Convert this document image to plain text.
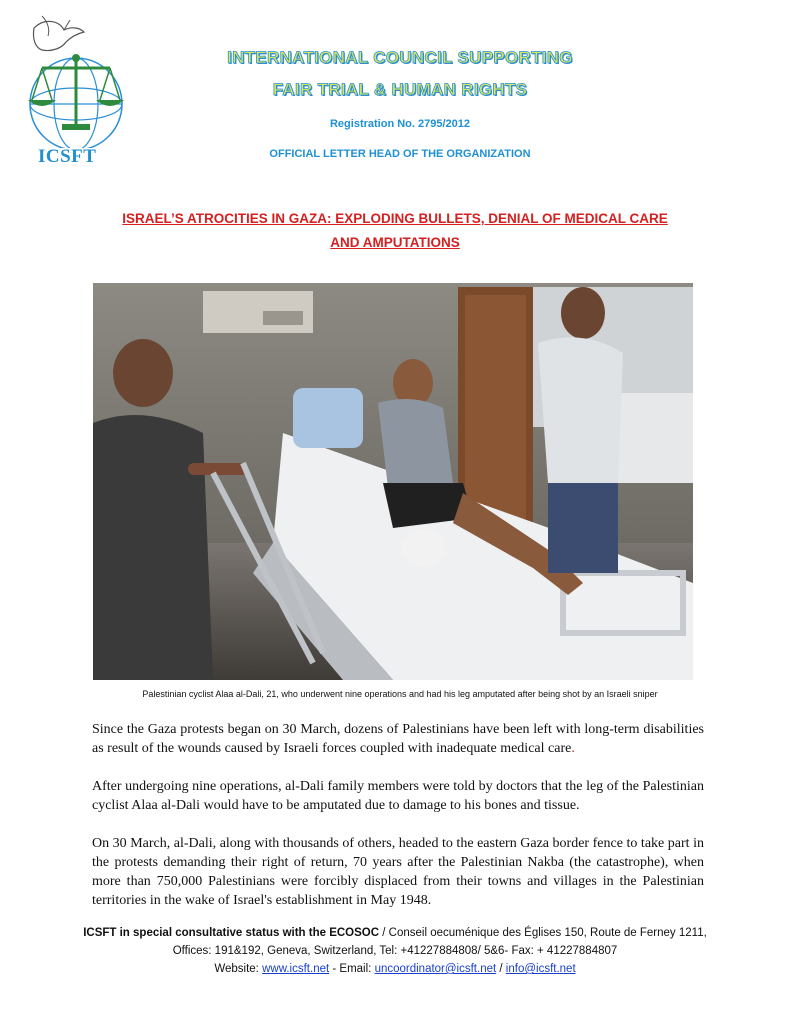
ICSFT
INTERNATIONAL COUNCIL SUPPORTING
FAIR TRIAL & HUMAN RIGHTS
Registration No. 2795/2012
OFFICIAL LETTER HEAD OF THE ORGANIZATION
ISRAEL’S ATROCITIES IN GAZA: EXPLODING BULLETS, DENIAL OF MEDICAL CARE
AND AMPUTATIONS
Palestinian cyclist Alaa al-Dali, 21, who underwent nine operations and had his leg amputated after being shot by an Israeli sniper

Since the Gaza protests began on 30 March, dozens of Palestinians have been left with long-term disabilities as result of the wounds caused by Israeli forces coupled with inadequate medical care.

After undergoing nine operations, al-Dali family members were told by doctors that the leg of the Palestinian cyclist Alaa al-Dali would have to be amputated due to damage to his bones and tissue.

On 30 March, al-Dali, along with thousands of others, headed to the eastern Gaza border fence to take part in the protests demanding their right of return, 70 years after the Palestinian Nakba (the catastrophe), when more than 750,000 Palestinians were forcibly displaced from their towns and villages in the Palestinian territories in the wake of Israel's establishment in May 1948.

ICSFT in special consultative status with the ECOSOC / Conseil oecuménique des Églises 150, Route de Ferney 1211, Offices: 191&192, Geneva, Switzerland, Tel: +41227884808/ 5&6- Fax: + 41227884807
Website: www.icsft.net - Email: uncoordinator@icsft.net / info@icsft.net
